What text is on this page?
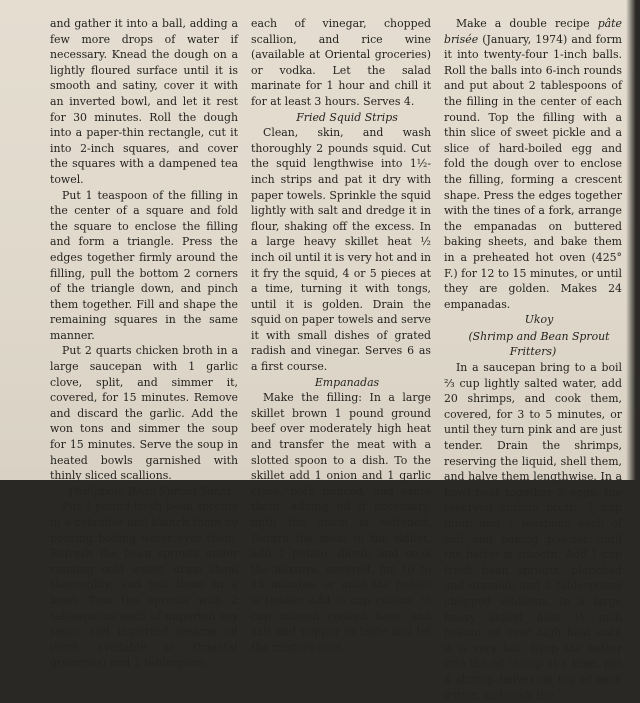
and gather it into a ball, adding a few more drops of water if necessary. Knead the dough on a lightly floured surface until it is smooth and satiny, cover it with an inverted bowl, and let it rest for 30 minutes. Roll the dough into a paper-thin rectangle, cut it into 2-inch squares, and cover the squares with a dampened tea towel.

Put 1 teaspoon of the filling in the center of a square and fold the square to enclose the filling and form a triangle. Press the edges together firmly around the filling, pull the bottom 2 corners of the triangle down, and pinch them together. Fill and shape the remaining squares in the same manner.

Put 2 quarts chicken broth in a large saucepan with 1 garlic clove, split, and simmer it, covered, for 15 minutes. Remove and discard the garlic. Add the won tons and simmer the soup for 15 minutes. Serve the soup in heated bowls garnished with thinly sliced scallions.

Philippine Bean Sprout Salad

Put 1 pound fresh bean sprouts in a colander and blanch them by pouring boiling water over them. Refresh the bean sprouts under running cold water, drain them thoroughly, and put them in a bowl. Toss the sprouts with 2 tablespoons each of imported soy sauce and imported sesame oil (both available at Oriental groceries) and 1 tablespoon

each of vinegar, chopped scallion, and rice wine (available at Oriental groceries) or vodka. Let the salad marinate for 1 hour and chill it for at least 3 hours. Serves 4.

Fried Squid Strips

Clean, skin, and wash thoroughly 2 pounds squid. Cut the squid lengthwise into 1½-inch strips and pat it dry with paper towels. Sprinkle the squid lightly with salt and dredge it in flour, shaking off the excess. In a large heavy skillet heat ½ inch oil until it is very hot and in it fry the squid, 4 or 5 pieces at a time, turning it with tongs, until it is golden. Drain the squid on paper towels and serve it with small dishes of grated radish and vinegar. Serves 6 as a first course.

Empanadas

Make the filling: In a large skillet brown 1 pound ground beef over moderately high heat and transfer the meat with a slotted spoon to a dish. To the skillet add 1 onion and 1 garlic clove, both minced, and sauté them, adding oil if necessary, until the onion is softened. Return the meat to the skillet, add 1 potato, diced, and cook the mixture, covered, for 10 to 15 minutes, or until the potato is tender. Add ½ cup raisins, ⅓ cup minced cooked ham, and salt and pepper to taste and let the mixture cool.

Make a double recipe pâte brisée (January, 1974) and form it into twenty-four 1-inch balls. Roll the balls into 6-inch rounds and put about 2 tablespoons of the filling in the center of each round. Top the filling with a thin slice of sweet pickle and a slice of hard-boiled egg and fold the dough over to enclose the filling, forming a crescent shape. Press the edges together with the tines of a fork, arrange the empanadas on buttered baking sheets, and bake them in a preheated hot oven (425° F.) for 12 to 15 minutes, or until they are golden. Makes 24 empanadas.

Ukoy

(Shrimp and Bean Sprout Fritters)

In a saucepan bring to a boil ⅔ cup lightly salted water, add 20 shrimps, and cook them, covered, for 3 to 5 minutes, or until they turn pink and are just tender. Drain the shrimps, reserving the liquid, shell them, and halve them lengthwise. In a bowl beat together 2 eggs, the reserved shrimp broth, 1 cup flour, and 1 teaspoon each of salt and baking powder until the batter is smooth. Add 1 cup fresh bean sprouts, blanched and drained, and 3 tablespoons chopped scallions. In a large heavy skillet heat ½ inch peanut oil over high heat until it is very hot. Drop the batter into the oil ¼ cup at a time, put 4 shrimp halves on top of each fritter, and cook the
